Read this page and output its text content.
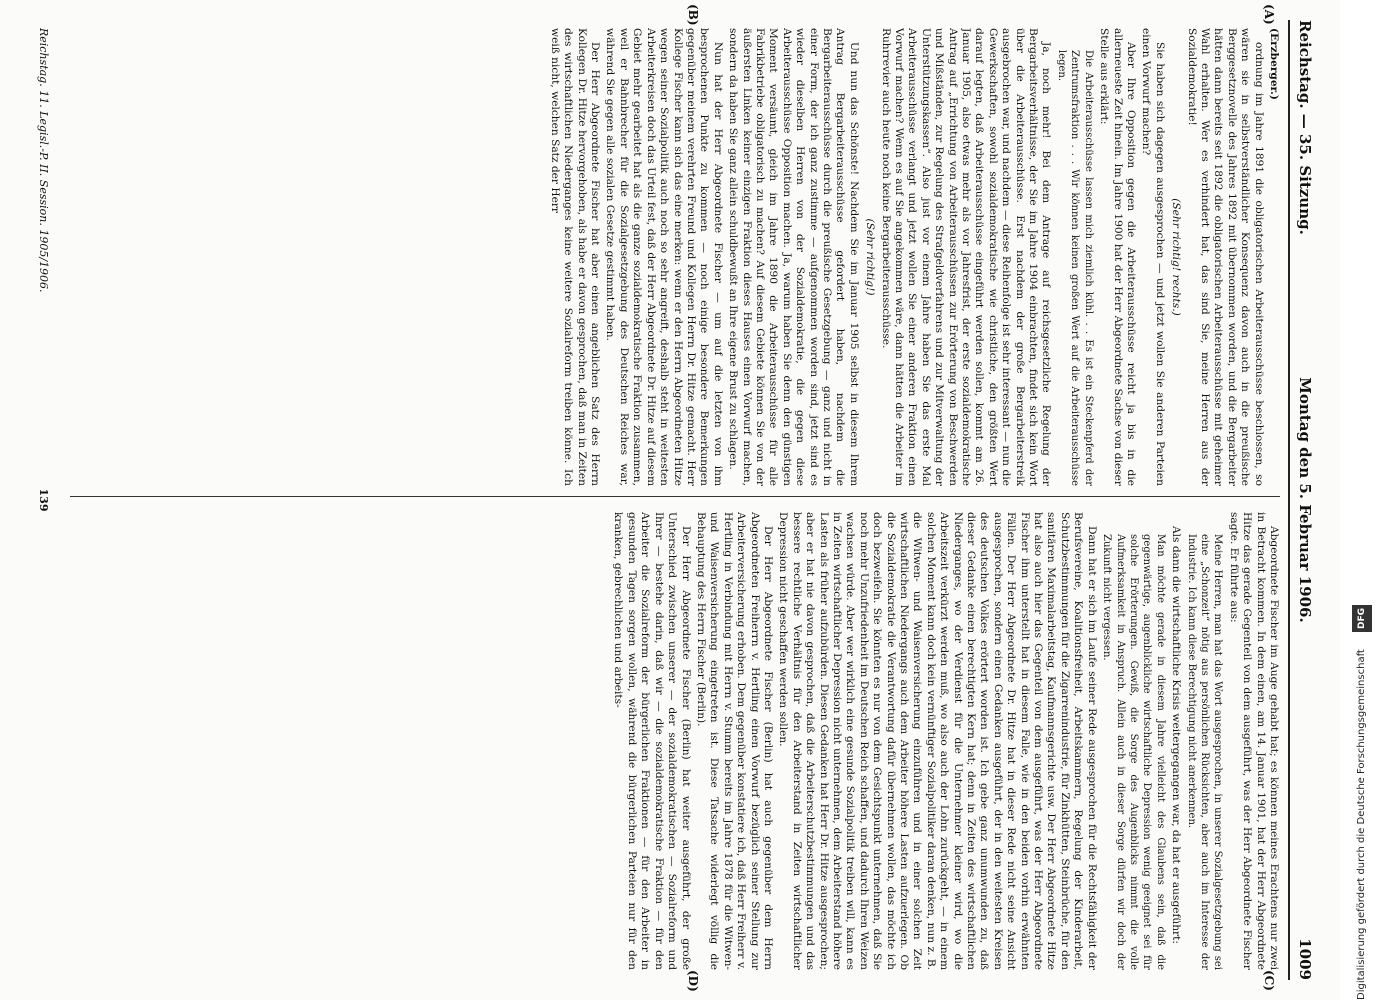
Reichstag. — 35. Sitzung.
Montag den 5. Februar 1906.
1009
(A)
(B)
(C)
(D)

(Erzberger.)

ordnung im Jahre 1891 die obligatorischen Arbeiterausschüsse beschlossen, so wären sie in selbstverständlicher Konsequenz davon auch in die preußische Berggesetznovelle des Jahres 1892 mit übernommen worden, und die Bergarbeiter hätten dann bereits seit 1892 die obligatorischen Arbeiterausschüsse mit geheimer Wahl erhalten. Wer es verhindert hat, das sind Sie, meine Herren aus der Sozialdemokratie!

(Sehr richtig! rechts.)

Sie haben sich dagegen ausgesprochen — und jetzt wollen Sie anderen Parteien einen Vorwurf machen?

Aber Ihre Opposition gegen die Arbeiterausschüsse reicht ja bis in die allerneueste Zeit hinein. Im Jahre 1900 hat der Herr Abgeordnete Sachse von dieser Stelle aus erklärt:

Die Arbeiterausschüsse lassen mich ziemlich kühl. . . Es ist ein Steckenpferd der Zentrumsfraktion . . . Wir können keinen großen Wert auf die Arbeiterausschüsse legen.

Ja, noch mehr! Bei dem Antrage auf reichsgesetzliche Regelung der Bergarbeitsverhältnisse, der Sie im Jahre 1904 einbrachten, findet sich kein Wort über die Arbeiterausschüsse. Erst nachdem der große Bergarbeiterstreik ausgebrochen war, und nachdem — diese Reihenfolge ist sehr interessant — nun die Gewerkschaften, sowohl sozialdemokratische wie christliche, den größten Wert darauf legten, daß Arbeiterausschüsse eingeführt werden sollen, kommt am 26. Januar 1905, also etwas mehr als vor Jahresfrist, der erste sozialdemokratische Antrag auf „Errichtung von Arbeiterausschüssen zur Erörterung von Beschwerden und Mißständen, zur Regelung des Strafgeldverfahrens und zur Mitverwaltung der Unterstützungskassen“. Also just vor einem Jahre haben Sie das erste Mal Arbeiterausschüsse verlangt und jetzt wollen Sie einer anderen Fraktion einen Vorwurf machen? Wenn es auf Sie angekommen wäre, dann hätten die Arbeiter im Ruhrrevier auch heute noch keine Bergarbeiterausschüsse.

(Sehr richtig!)

Und nun das Schönste! Nachdem Sie im Januar 1905 selbst in diesem Ihrem Antrag Bergarbeiterausschüsse gefordert haben, nachdem die Bergarbeiterausschüsse durch die preußische Gesetzgebung — ganz und nicht in einer Form, der ich ganz zustimme — aufgenommen worden sind, jetzt sind es wieder dieselben Herren von der Sozialdemokratie, die gegen diese Arbeiterausschüsse Opposition machen. Ja, warum haben Sie denn den günstigen Moment versäumt, gleich im Jahre 1890 die Arbeiterausschüsse für alle Fabrikbetriebe obligatorisch zu machen? Auf diesem Gebiete können Sie von der äußersten Linken keiner einzigen Fraktion dieses Hauses einen Vorwurf machen, sondern da haben Sie ganz allein schuldbewußt an Ihre eigene Brust zu schlagen.

Nun hat der Herr Abgeordnete Fischer — um auf die letzten von ihm besprochenen Punkte zu kommen — noch einige besondere Bemerkungen gegenüber meinem verehrten Freund und Kollegen Herrn Dr. Hitze gemacht. Herr Kollege Fischer kann sich das eine merken: wenn er den Herrn Abgeordneten Hitze wegen seiner Sozialpolitik auch noch so sehr angreift, deshalb steht in weitesten Arbeiterkreisen doch das Urteil fest, daß der Herr Abgeordnete Dr. Hitze auf diesem Gebiet mehr gearbeitet hat als die ganze sozialdemokratische Fraktion zusammen, weil er Bahnbrecher für die Sozialgesetzgebung des Deutschen Reiches war, während Sie gegen alle sozialen Gesetze gestimmt haben.

Der Herr Abgeordnete Fischer hat aber einen angeblichen Satz des Herrn Kollegen Dr. Hitze hervorgehoben, als habe er davon gesprochen, daß man in Zeiten des wirtschaftlichen Niederganges keine weitere Sozialreform treiben könne. Ich weiß nicht, welchen Satz der Herr

Abgeordnete Fischer im Auge gehabt hat; es können meines Erachtens nur zwei in Betracht kommen. In dem einen, am 14. Januar 1901, hat der Herr Abgeordnete Hitze das gerade Gegenteil von dem ausgeführt, was der Herr Abgeordnete Fischer sagte. Er führte aus:

Meine Herren, man hat das Wort ausgesprochen, in unserer Sozialgesetzgebung sei eine „Schonzeit“ nötig aus persönlichen Rücksichten, aber auch im Interesse der Industrie. Ich kann diese Berechtigung nicht anerkennen.

Als dann die wirtschaftliche Krisis weitergegangen war, da hat er ausgeführt:

Man möchte gerade in diesem Jahre vielleicht des Glaubens sein, daß die gegenwärtige, augenblickliche wirtschaftliche Depression wenig geeignet sei für solche Erörterungen. Gewiß, die Sorge des Augenblicks nimmt die volle Aufmerksamkeit in Anspruch. Allein auch in dieser Sorge dürfen wir doch der Zukunft nicht vergessen.

Dann hat er sich im Laufe seiner Rede ausgesprochen für die Rechtsfähigkeit der Berufsvereine, Koalitionsfreiheit, Arbeitskammern, Regelung der Kinderarbeit, Schutzbestimmungen für die Zigarrenindustrie, für Zinkhütten, Steinbrüche, für den sanitären Maximalarbeitstag, Kaufmannsgerichte usw. Der Herr Abgeordnete Hitze hat also auch hier das Gegenteil von dem ausgeführt, was der Herr Abgeordnete Fischer ihm unterstellt hat in diesem Falle, wie in den beiden vorhin erwähnten Fällen. Der Herr Abgeordnete Dr. Hitze hat in dieser Rede nicht seine Ansicht ausgesprochen, sondern einen Gedanken ausgeführt, der in den weitesten Kreisen des deutschen Volkes erörtert worden ist. Ich gebe ganz unumwunden zu, daß dieser Gedanke einen berechtigten Kern hat; denn in Zeiten des wirtschaftlichen Niederganges, wo der Verdienst für die Unternehmer kleiner wird, wo die Arbeitszeit verkürzt werden muß, wo also auch der Lohn zurückgeht, — in einem solchen Moment kann doch kein vernünftiger Sozialpolitiker daran denken, nun z. B. die Witwen- und Waisenversicherung einzuführen und in einer solchen Zeit wirtschaftlichen Niedergangs auch dem Arbeiter höhere Lasten aufzuerlegen. Ob die Sozialdemokratie die Verantwortung dafür übernehmen wollen, das möchte ich doch bezweifeln. Sie könnten es nur von dem Gesichtspunkt unternehmen, daß Sie noch mehr Unzufriedenheit im Deutschen Reich schaffen, und dadurch Ihren Weizen wachsen würde. Aber wer wirklich eine gesunde Sozialpolitik treiben will, kann es in Zeiten wirtschaftlicher Depression nicht unternehmen, dem Arbeiterstand höhere Lasten als früher aufzubürden. Diesen Gedanken hat Herr Dr. Hitze ausgesprochen; aber er hat nie davon gesprochen, daß die Arbeiterschutzbestimmungen und das bessere rechtliche Verhältnis für den Arbeiterstand in Zeiten wirtschaftlicher Depression nicht geschaffen werden sollen.

Der Herr Abgeordnete Fischer (Berlin) hat auch gegenüber dem Herrn Abgeordneten Freiherrn v. Hertling einen Vorwurf bezüglich seiner Stellung zur Arbeiterversicherung erhoben. Dem gegenüber konstatiere ich, daß Herr Freiherr v. Hertling in Verbindung mit Herrn v. Stumm bereits im Jahre 1878 für die Witwen- und Waisenversicherung eingetreten ist. Diese Tatsache widerlegt völlig die Behauptung des Herrn Fischer (Berlin).

Der Herr Abgeordnete Fischer (Berlin) hat weiter ausgeführt, der große Unterschied zwischen unserer — der sozialdemokratischen — Sozialreform und Ihrer — bestehe darin, daß wir — die sozialdemokratische Fraktion — für den Arbeiter die Sozialreform der bürgerlichen Fraktionen — für den Arbeiter in gesunden Tagen sorgen wollen, während die bürgerlichen Parteien nur für den kranken, gebrechlichen und arbeits-

Reichstag. 11. Legisl.-P. II. Session. 1905/1906.
139
Digitalisierung gefördert durch die Deutsche Forschungsgemeinschaft DFG
